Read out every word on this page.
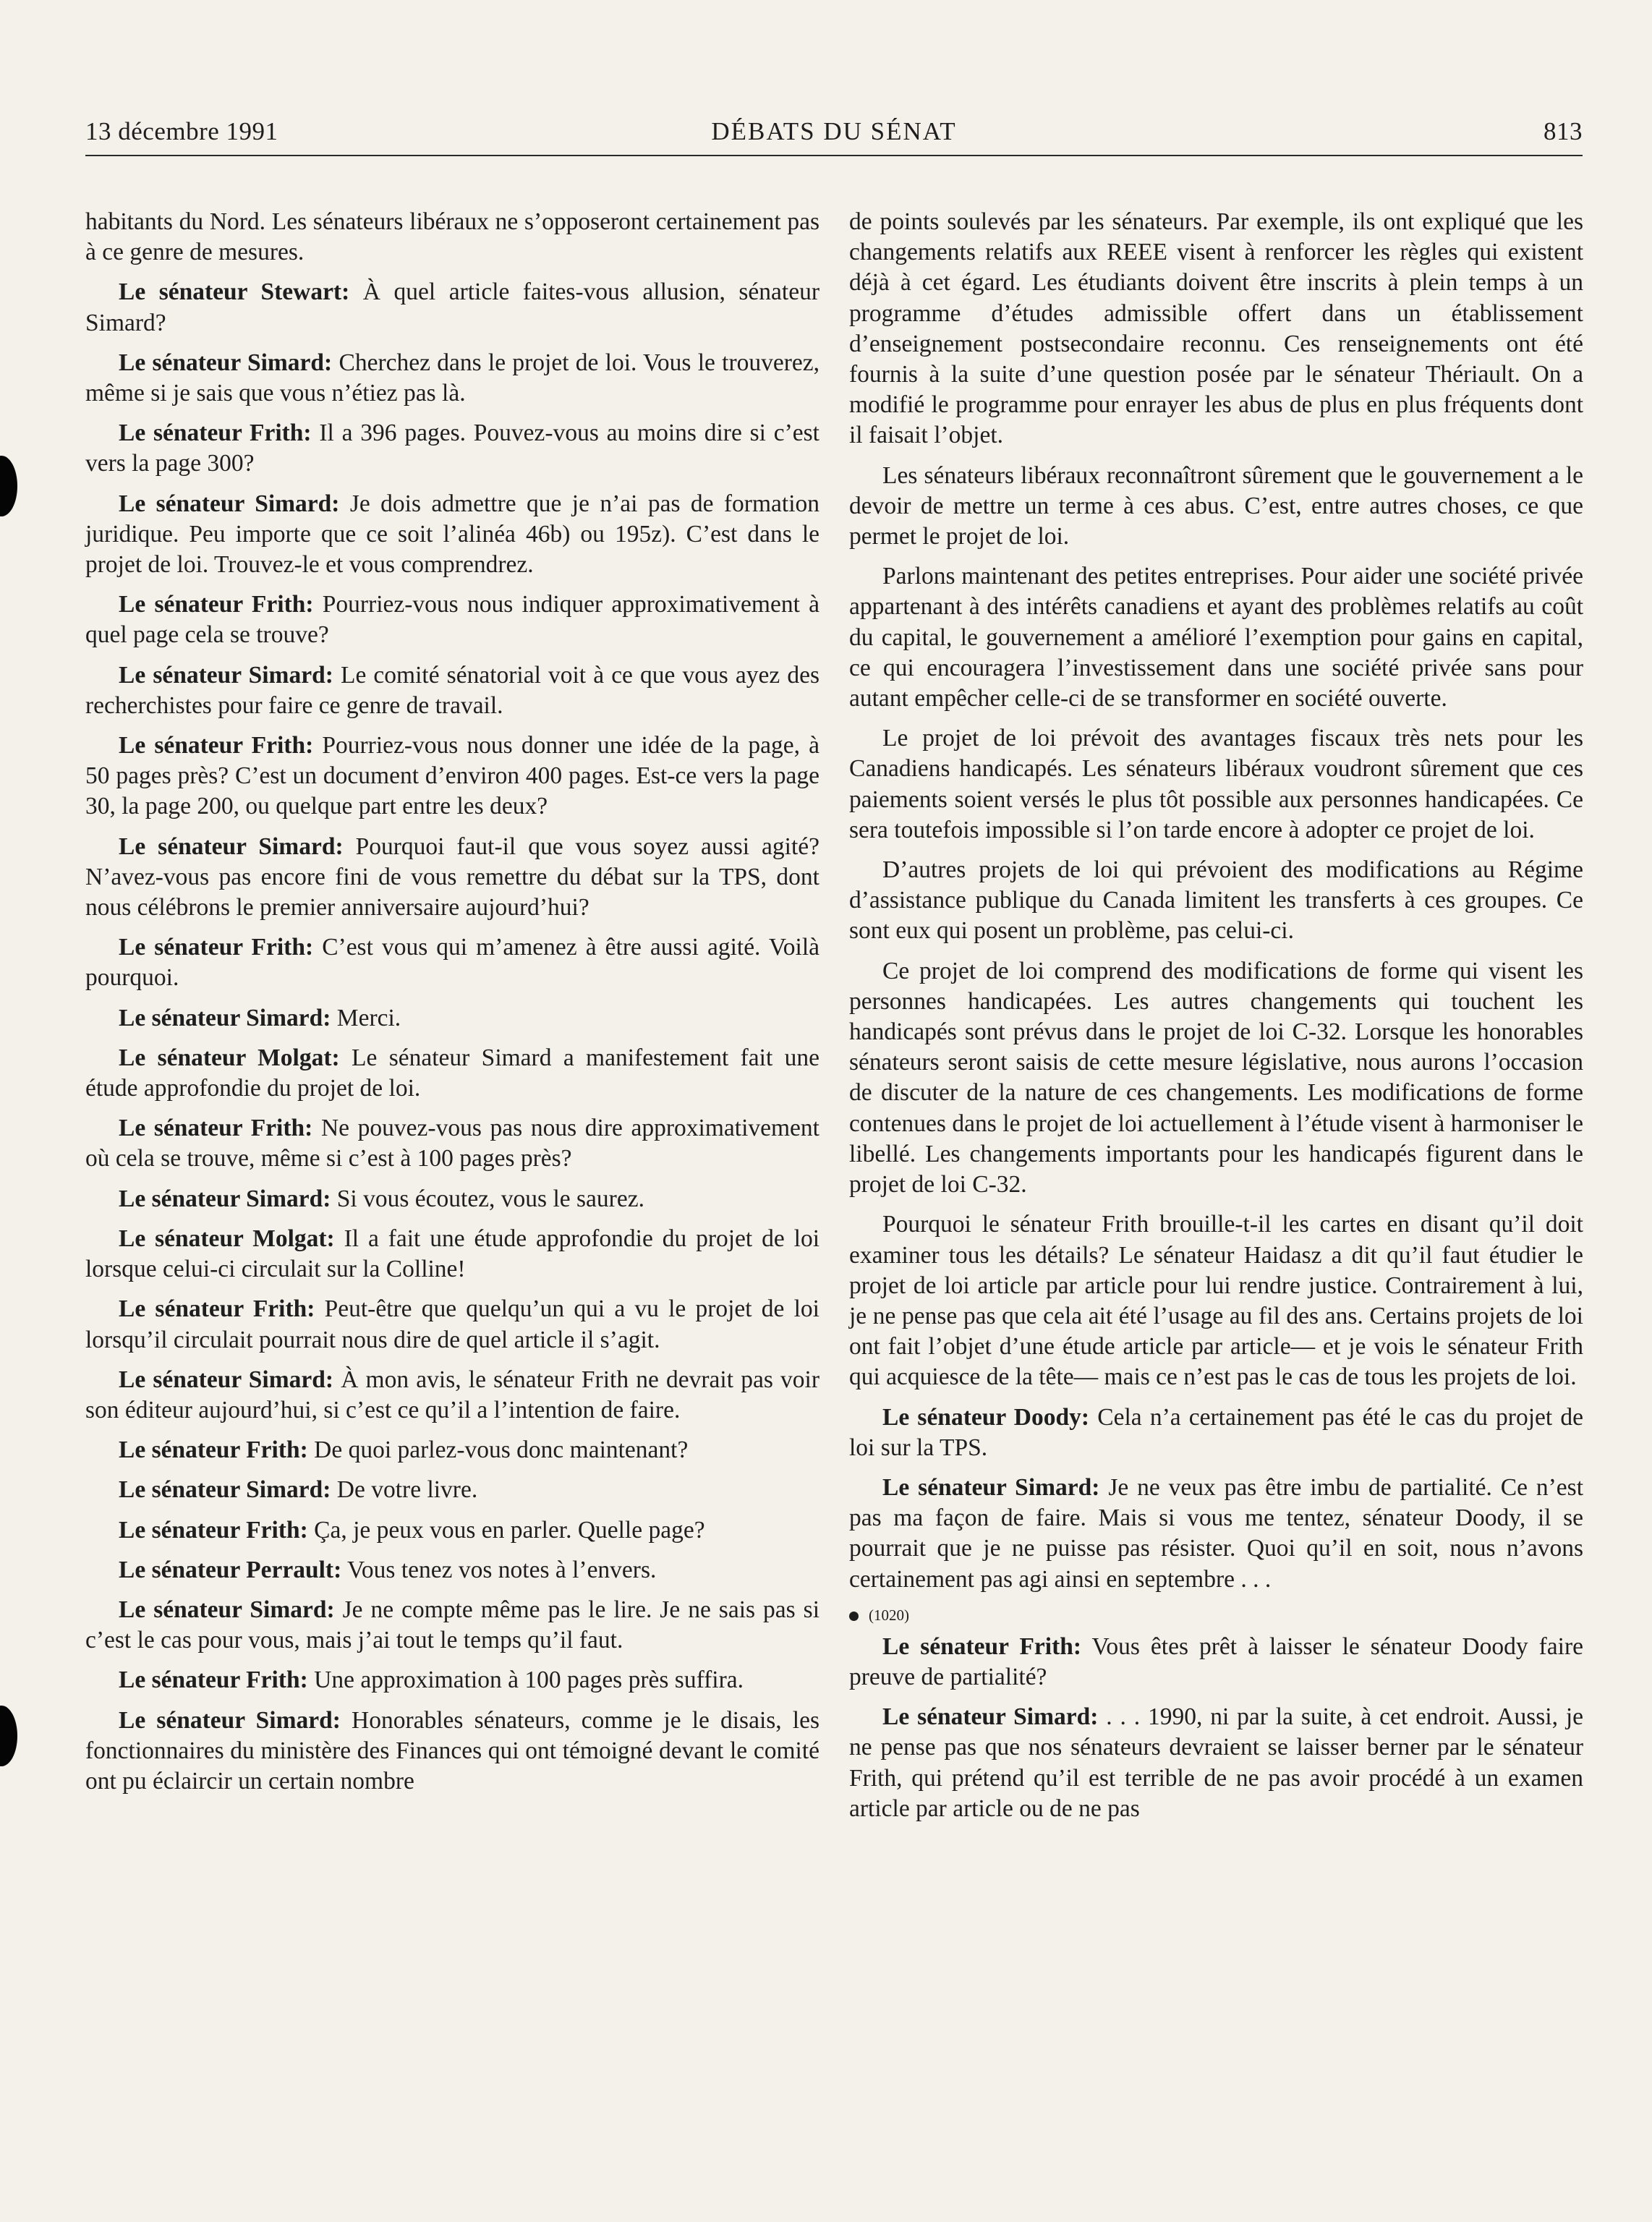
13 décembre 1991	DÉBATS DU SÉNAT	813

habitants du Nord. Les sénateurs libéraux ne s’opposeront certainement pas à ce genre de mesures.

Le sénateur Stewart: À quel article faites-vous allusion, sénateur Simard?

Le sénateur Simard: Cherchez dans le projet de loi. Vous le trouverez, même si je sais que vous n’étiez pas là.

Le sénateur Frith: Il a 396 pages. Pouvez-vous au moins dire si c’est vers la page 300?

Le sénateur Simard: Je dois admettre que je n’ai pas de formation juridique. Peu importe que ce soit l’alinéa 46b) ou 195z). C’est dans le projet de loi. Trouvez-le et vous comprendrez.

Le sénateur Frith: Pourriez-vous nous indiquer approximativement à quel page cela se trouve?

Le sénateur Simard: Le comité sénatorial voit à ce que vous ayez des recherchistes pour faire ce genre de travail.

Le sénateur Frith: Pourriez-vous nous donner une idée de la page, à 50 pages près? C’est un document d’environ 400 pages. Est-ce vers la page 30, la page 200, ou quelque part entre les deux?

Le sénateur Simard: Pourquoi faut-il que vous soyez aussi agité? N’avez-vous pas encore fini de vous remettre du débat sur la TPS, dont nous célébrons le premier anniversaire aujourd’hui?

Le sénateur Frith: C’est vous qui m’amenez à être aussi agité. Voilà pourquoi.

Le sénateur Simard: Merci.

Le sénateur Molgat: Le sénateur Simard a manifestement fait une étude approfondie du projet de loi.

Le sénateur Frith: Ne pouvez-vous pas nous dire approximativement où cela se trouve, même si c’est à 100 pages près?

Le sénateur Simard: Si vous écoutez, vous le saurez.

Le sénateur Molgat: Il a fait une étude approfondie du projet de loi lorsque celui-ci circulait sur la Colline!

Le sénateur Frith: Peut-être que quelqu’un qui a vu le projet de loi lorsqu’il circulait pourrait nous dire de quel article il s’agit.

Le sénateur Simard: À mon avis, le sénateur Frith ne devrait pas voir son éditeur aujourd’hui, si c’est ce qu’il a l’intention de faire.

Le sénateur Frith: De quoi parlez-vous donc maintenant?

Le sénateur Simard: De votre livre.

Le sénateur Frith: Ça, je peux vous en parler. Quelle page?

Le sénateur Perrault: Vous tenez vos notes à l’envers.

Le sénateur Simard: Je ne compte même pas le lire. Je ne sais pas si c’est le cas pour vous, mais j’ai tout le temps qu’il faut.

Le sénateur Frith: Une approximation à 100 pages près suffira.

Le sénateur Simard: Honorables sénateurs, comme je le disais, les fonctionnaires du ministère des Finances qui ont témoigné devant le comité ont pu éclaircir un certain nombre

de points soulevés par les sénateurs. Par exemple, ils ont expliqué que les changements relatifs aux REEE visent à renforcer les règles qui existent déjà à cet égard. Les étudiants doivent être inscrits à plein temps à un programme d’études admissible offert dans un établissement d’enseignement postsecondaire reconnu. Ces renseignements ont été fournis à la suite d’une question posée par le sénateur Thériault. On a modifié le programme pour enrayer les abus de plus en plus fréquents dont il faisait l’objet.

Les sénateurs libéraux reconnaîtront sûrement que le gouvernement a le devoir de mettre un terme à ces abus. C’est, entre autres choses, ce que permet le projet de loi.

Parlons maintenant des petites entreprises. Pour aider une société privée appartenant à des intérêts canadiens et ayant des problèmes relatifs au coût du capital, le gouvernement a amélioré l’exemption pour gains en capital, ce qui encouragera l’investissement dans une société privée sans pour autant empêcher celle-ci de se transformer en société ouverte.

Le projet de loi prévoit des avantages fiscaux très nets pour les Canadiens handicapés. Les sénateurs libéraux voudront sûrement que ces paiements soient versés le plus tôt possible aux personnes handicapées. Ce sera toutefois impossible si l’on tarde encore à adopter ce projet de loi.

D’autres projets de loi qui prévoient des modifications au Régime d’assistance publique du Canada limitent les transferts à ces groupes. Ce sont eux qui posent un problème, pas celui-ci.

Ce projet de loi comprend des modifications de forme qui visent les personnes handicapées. Les autres changements qui touchent les handicapés sont prévus dans le projet de loi C-32. Lorsque les honorables sénateurs seront saisis de cette mesure législative, nous aurons l’occasion de discuter de la nature de ces changements. Les modifications de forme contenues dans le projet de loi actuellement à l’étude visent à harmoniser le libellé. Les changements importants pour les handicapés figurent dans le projet de loi C-32.

Pourquoi le sénateur Frith brouille-t-il les cartes en disant qu’il doit examiner tous les détails? Le sénateur Haidasz a dit qu’il faut étudier le projet de loi article par article pour lui rendre justice. Contrairement à lui, je ne pense pas que cela ait été l’usage au fil des ans. Certains projets de loi ont fait l’objet d’une étude article par article— et je vois le sénateur Frith qui acquiesce de la tête— mais ce n’est pas le cas de tous les projets de loi.

Le sénateur Doody: Cela n’a certainement pas été le cas du projet de loi sur la TPS.

Le sénateur Simard: Je ne veux pas être imbu de partialité. Ce n’est pas ma façon de faire. Mais si vous me tentez, sénateur Doody, il se pourrait que je ne puisse pas résister. Quoi qu’il en soit, nous n’avons certainement pas agi ainsi en septembre . . .

(1020)

Le sénateur Frith: Vous êtes prêt à laisser le sénateur Doody faire preuve de partialité?

Le sénateur Simard: . . . 1990, ni par la suite, à cet endroit. Aussi, je ne pense pas que nos sénateurs devraient se laisser berner par le sénateur Frith, qui prétend qu’il est terrible de ne pas avoir procédé à un examen article par article ou de ne pas
